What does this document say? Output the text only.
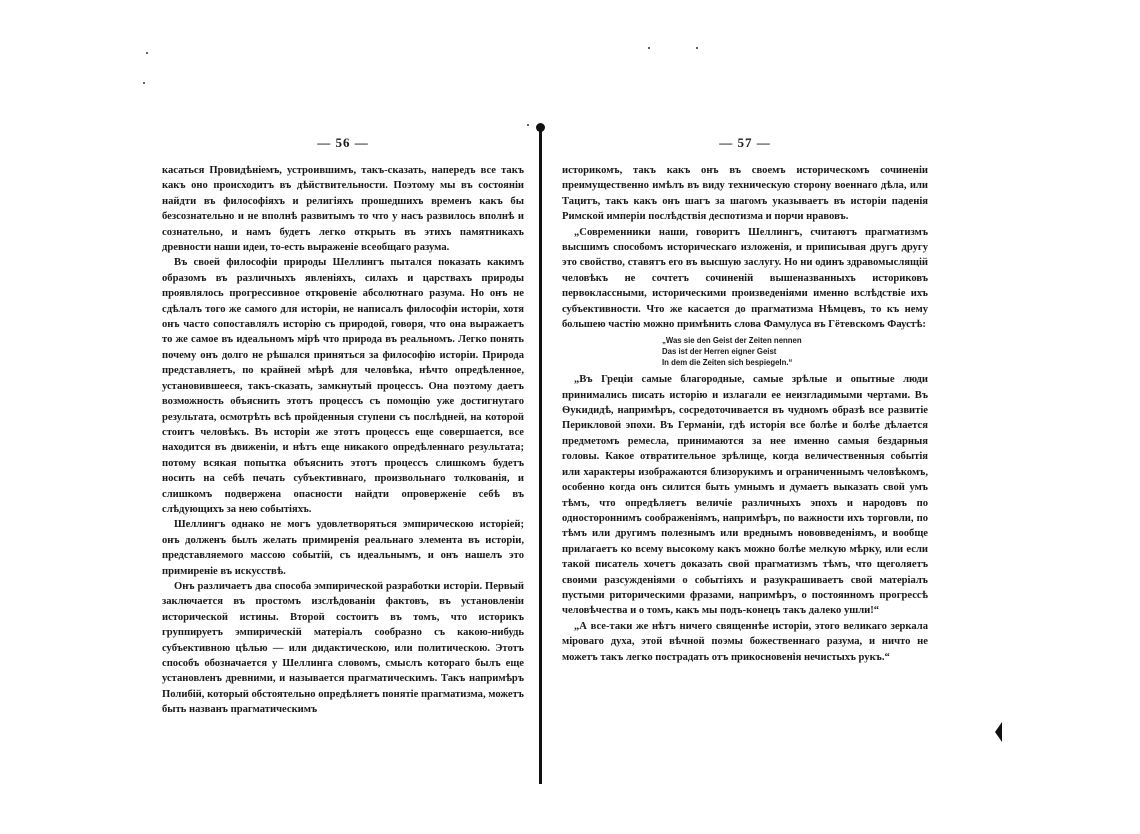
— 56 —

касаться Провидѣніемъ, устроившимъ, такъ-сказать, напередъ все такъ какъ оно происходитъ въ дѣйствительности. Поэтому мы въ состояніи найдти въ философіяхъ и религіяхъ прошедшихъ временъ какъ бы безсознательно и не вполнѣ развитымъ то что у насъ развилось вполнѣ и сознательно, и намъ будетъ легко открыть въ этихъ памятникахъ древности наши идеи, то-есть выраженіе всеобщаго разума.

Въ своей философіи природы Шеллингъ пытался показать какимъ образомъ въ различныхъ явленіяхъ, силахъ и царствахъ природы проявлялось прогрессивное откровеніе абсолютнаго разума. Но онъ не сдѣлалъ того же самого для исторіи, не написалъ философіи исторіи, хотя онъ часто сопоставлялъ исторію съ природой, говоря, что она выражаетъ то же самое въ идеальномъ мірѣ что природа въ реальномъ. Легко понять почему онъ долго не рѣшался приняться за философію исторіи. Природа представляетъ, по крайней мѣрѣ для человѣка, нѣчто опредѣленное, установившееся, такъ-сказать, замкнутый процессъ. Она поэтому даетъ возможность объяснить этотъ процессъ съ помощію уже достигнутаго результата, осмотрѣть всѣ пройденныя ступени съ послѣдней, на которой стоитъ человѣкъ. Въ исторіи же этотъ процессъ еще совершается, все находится въ движеніи, и нѣтъ еще никакого опредѣленнаго результата; потому всякая попытка объяснить этотъ процессъ слишкомъ будетъ носить на себѣ печать субъективнаго, произвольнаго толкованія, и слишкомъ подвержена опасности найдти опроверженіе себѣ въ слѣдующихъ за нею событіяхъ.

Шеллингъ однако не могъ удовлетворяться эмпирическою исторіей; онъ долженъ былъ желать примиренія реальнаго элемента въ исторіи, представляемого массою событій, съ идеальнымъ, и онъ нашелъ это примиреніе въ искусствѣ.

Онъ различаетъ два способа эмпирической разработки исторіи. Первый заключается въ простомъ изслѣдованіи фактовъ, въ установленіи исторической истины. Второй состоитъ въ томъ, что историкъ группируетъ эмпирическій матеріалъ сообразно съ какою-нибудь субъективною цѣлью — или дидактическою, или политическою. Этотъ способъ обозначается у Шеллинга словомъ, смыслъ котораго былъ еще установленъ древними, и называется прагматическимъ. Такъ напримѣръ Полибій, который обстоятельно опредѣляетъ понятіе прагматизма, можетъ быть названъ прагматическимъ

— 57 —

историкомъ, такъ какъ онъ въ своемъ историческомъ сочиненіи преимущественно имѣлъ въ виду техническую сторону военнаго дѣла, или Тацитъ, такъ какъ онъ шагъ за шагомъ указываетъ въ исторіи паденія Римской имперіи послѣдствія деспотизма и порчи нравовъ.

„Современники наши, говоритъ Шеллингъ, считаютъ прагматизмъ высшимъ способомъ историческаго изложенія, и приписывая другъ другу это свойство, ставятъ его въ высшую заслугу. Но ни одинъ здравомыслящій человѣкъ не сочтетъ сочиненій вышеназванныхъ историковъ первоклассными, историческими произведеніями именно вслѣдствіе ихъ субъективности. Что же касается до прагматизма Нѣмцевъ, то къ нему большею частію можно примѣнить слова Фамулуса въ Гётевскомъ Фаустѣ:

„Was sie den Geist der Zeiten nennen
Das ist der Herren eigner Geist
In dem die Zeiten sich bespiegeln.“

„Въ Греціи самые благородные, самые зрѣлые и опытные люди принимались писать исторію и излагали ее неизгладимыми чертами. Въ Ѳукидидѣ, напримѣръ, сосредоточивается въ чудномъ образѣ все развитіе Перикловой эпохи. Въ Германіи, гдѣ исторія все болѣе и болѣе дѣлается предметомъ ремесла, принимаются за нее именно самыя бездарныя головы. Какое отвратительное зрѣлище, когда величественныя событія или характеры изображаются близорукимъ и ограниченнымъ человѣкомъ, особенно когда онъ силится быть умнымъ и думаетъ выказать свой умъ тѣмъ, что опредѣляетъ величіе различныхъ эпохъ и народовъ по одностороннимъ соображеніямъ, напримѣръ, по важности ихъ торговли, по тѣмъ или другимъ полезнымъ или вреднымъ нововведеніямъ, и вообще прилагаетъ ко всему высокому какъ можно болѣе мелкую мѣрку, или если такой писатель хочетъ доказать свой прагматизмъ тѣмъ, что щеголяетъ своими разсужденіями о событіяхъ и разукрашиваетъ свой матеріалъ пустыми риторическими фразами, напримѣръ, о постоянномъ прогрессѣ человѣчества и о томъ, какъ мы подъ-конецъ такъ далеко ушли!“

„А все-таки же нѣтъ ничего священнѣе исторіи, этого великаго зеркала міроваго духа, этой вѣчной поэмы божественнаго разума, и ничто не можетъ такъ легко пострадать отъ прикосновенія нечистыхъ рукъ.“
